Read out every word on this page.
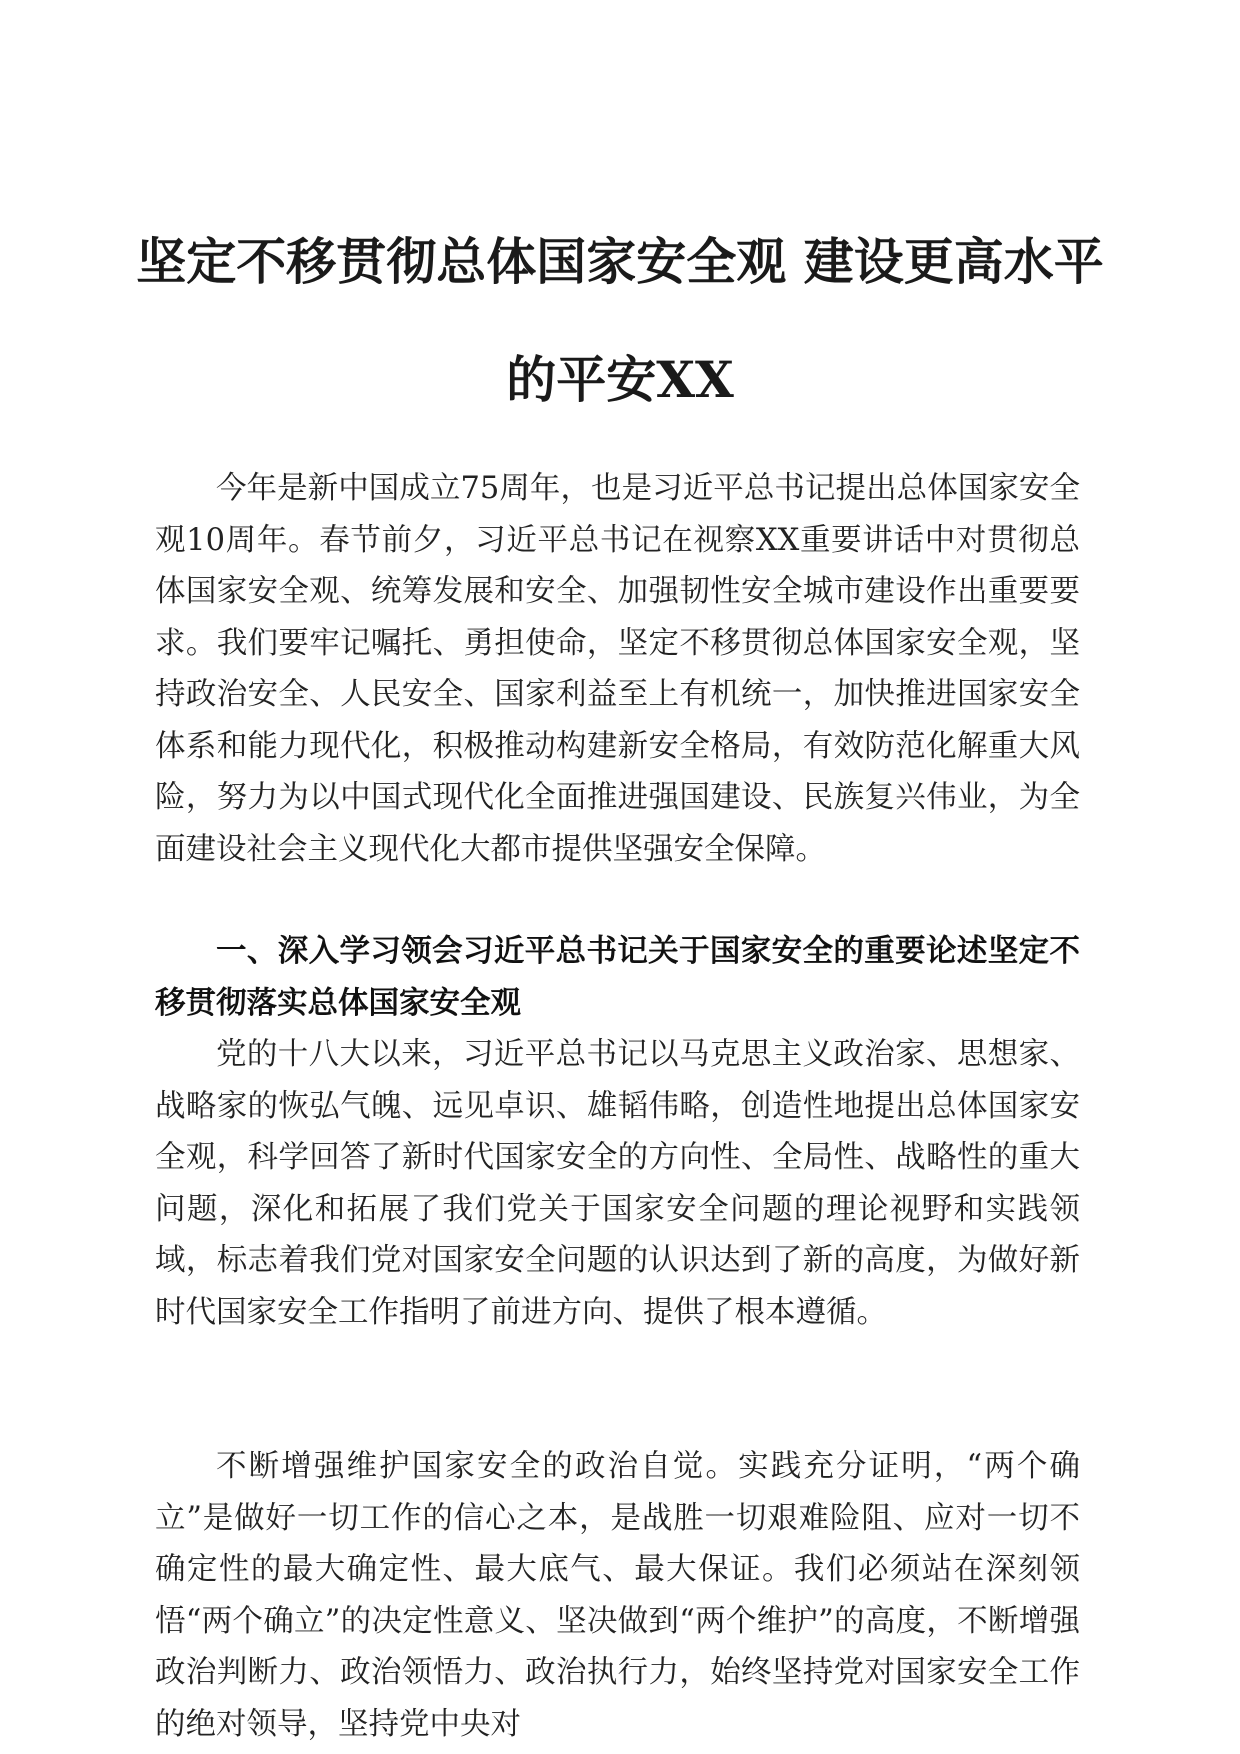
坚定不移贯彻总体国家安全观 建设更高水平
的平安XX

今年是新中国成立75周年，也是习近平总书记提出总体国家安全观10周年。春节前夕，习近平总书记在视察XX重要讲话中对贯彻总体国家安全观、统筹发展和安全、加强韧性安全城市建设作出重要要求。我们要牢记嘱托、勇担使命，坚定不移贯彻总体国家安全观，坚持政治安全、人民安全、国家利益至上有机统一，加快推进国家安全体系和能力现代化，积极推动构建新安全格局，有效防范化解重大风险，努力为以中国式现代化全面推进强国建设、民族复兴伟业，为全面建设社会主义现代化大都市提供坚强安全保障。

一、深入学习领会习近平总书记关于国家安全的重要论述坚定不移贯彻落实总体国家安全观

党的十八大以来，习近平总书记以马克思主义政治家、思想家、战略家的恢弘气魄、远见卓识、雄韬伟略，创造性地提出总体国家安全观，科学回答了新时代国家安全的方向性、全局性、战略性的重大问题，深化和拓展了我们党关于国家安全问题的理论视野和实践领域，标志着我们党对国家安全问题的认识达到了新的高度，为做好新时代国家安全工作指明了前进方向、提供了根本遵循。

不断增强维护国家安全的政治自觉。实践充分证明，“两个确立”是做好一切工作的信心之本，是战胜一切艰难险阻、应对一切不确定性的最大确定性、最大底气、最大保证。我们必须站在深刻领悟“两个确立”的决定性意义、坚决做到“两个维护”的高度，不断增强政治判断力、政治领悟力、政治执行力，始终坚持党对国家安全工作的绝对领导，坚持党中央对
